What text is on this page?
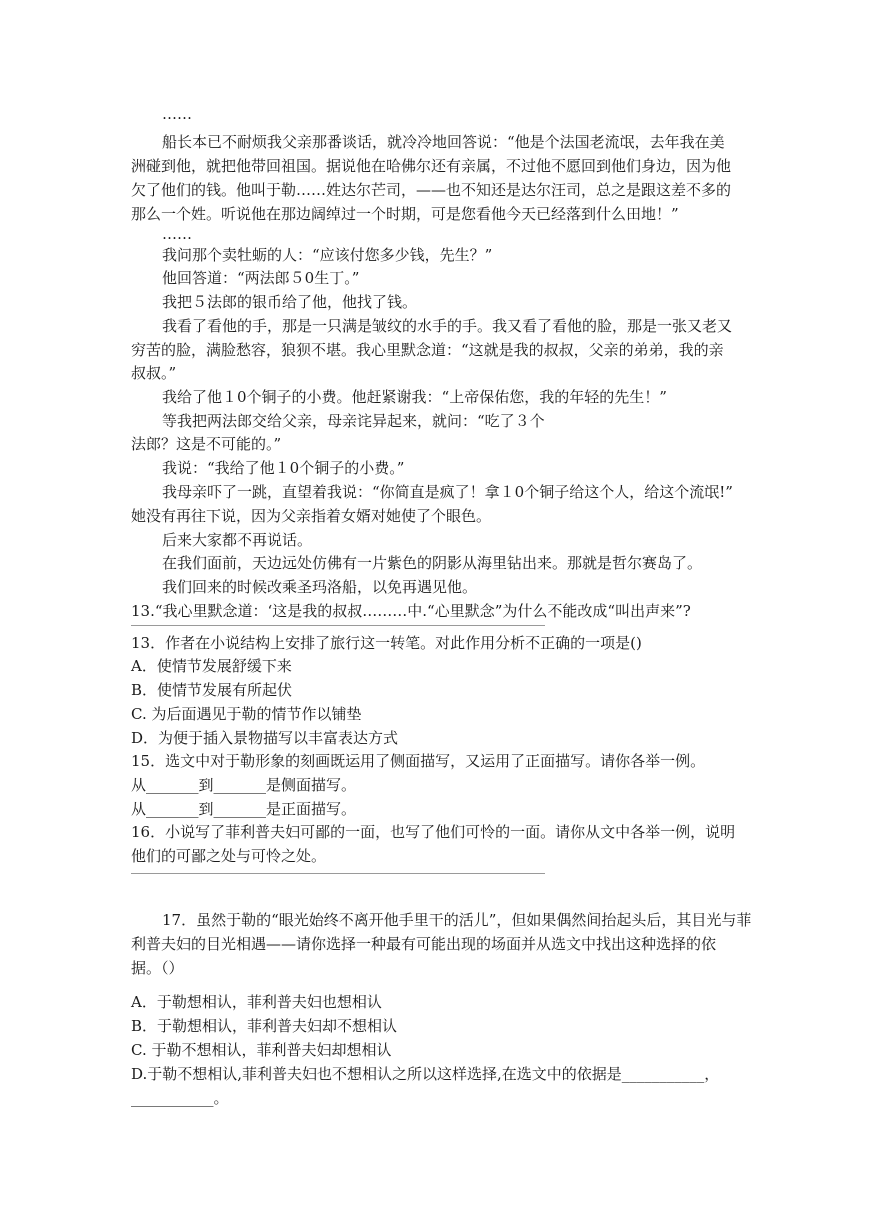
……
船长本已不耐烦我父亲那番谈话，就冷冷地回答说：“他是个法国老流氓，去年我在美
洲碰到他，就把他带回祖国。据说他在哈佛尔还有亲属，不过他不愿回到他们身边，因为他
欠了他们的钱。他叫于勒……姓达尔芒司，——也不知还是达尔汪司，总之是跟这差不多的
那么一个姓。听说他在那边阔绰过一个时期，可是您看他今天已经落到什么田地！”
……
我问那个卖牡蛎的人：“应该付您多少钱，先生？”
他回答道：“两法郎５0生丁。”
我把５法郎的银币给了他，他找了钱。
我看了看他的手，那是一只满是皱纹的水手的手。我又看了看他的脸，那是一张又老又
穷苦的脸，满脸愁容，狼狈不堪。我心里默念道：“这就是我的叔叔，父亲的弟弟，我的亲
叔叔。”
我给了他１0个铜子的小费。他赶紧谢我：“上帝保佑您，我的年轻的先生！”
等我把两法郎交给父亲，母亲诧异起来，就问：“吃了３个
法郎？这是不可能的。”
我说：“我给了他１0个铜子的小费。”
我母亲吓了一跳，直望着我说：“你简直是疯了！拿１0个铜子给这个人，给这个流氓!”
她没有再往下说，因为父亲指着女婿对她使了个眼色。
后来大家都不再说话。
在我们面前，天边远处仿佛有一片紫色的阴影从海里钻出来。那就是哲尔赛岛了。
我们回来的时候改乘圣玛洛船，以免再遇见他。
13.“我心里默念道：‘这是我的叔叔………中.“心里默念”为什么不能改成“叫出声来”?
13．作者在小说结构上安排了旅行这一转笔。对此作用分析不正确的一项是()
A．使情节发展舒缓下来
B．使情节发展有所起伏
C. 为后面遇见于勒的情节作以铺垫
D．为便于插入景物描写以丰富表达方式
15．选文中对于勒形象的刻画既运用了侧面描写，又运用了正面描写。请你各举一例。
从_______到_______是侧面描写。
从_______到_______是正面描写。
16．小说写了菲利普夫妇可鄙的一面，也写了他们可怜的一面。请你从文中各举一例，说明
他们的可鄙之处与可怜之处。
17．虽然于勒的“眼光始终不离开他手里干的活儿”，但如果偶然间抬起头后，其目光与菲
利普夫妇的目光相遇——请你选择一种最有可能出现的场面并从选文中找出这种选择的依
据。（）
A．于勒想相认，菲利普夫妇也想相认
B．于勒想相认，菲利普夫妇却不想相认
C. 于勒不想相认，菲利普夫妇却想相认
D.于勒不想相认,菲利普夫妇也不想相认之所以这样选择,在选文中的依据是___________，
___________。
